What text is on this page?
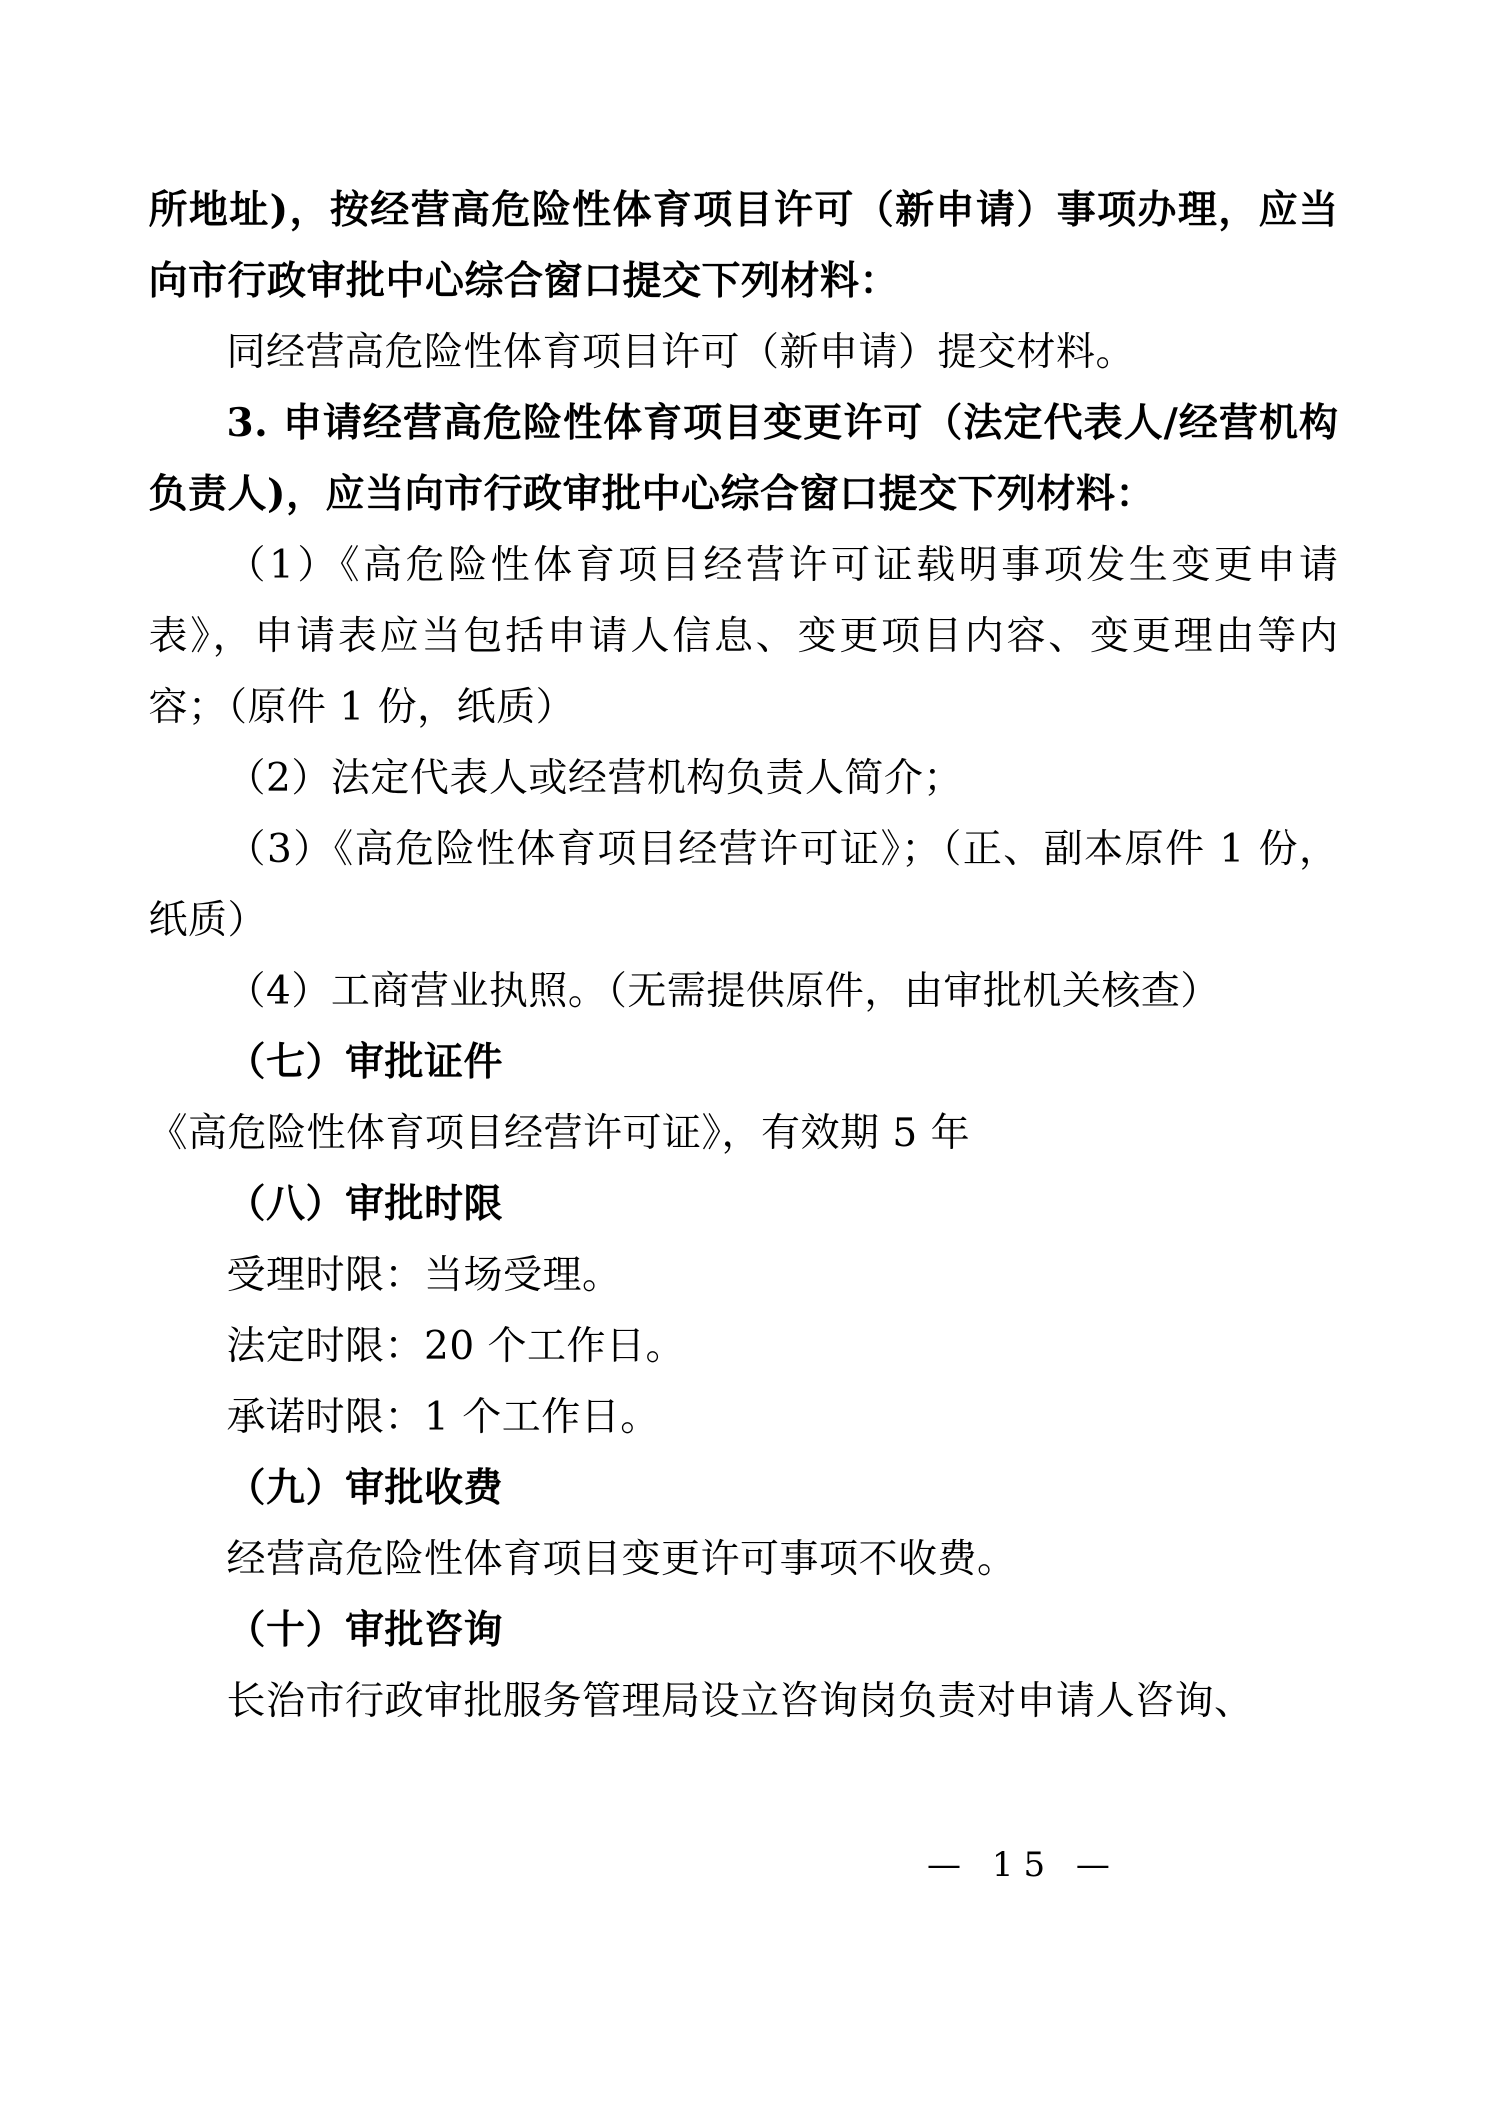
所地址)，按经营高危险性体育项目许可（新申请）事项办理，应当向市行政审批中心综合窗口提交下列材料：

同经营高危险性体育项目许可（新申请）提交材料。

3. 申请经营高危险性体育项目变更许可（法定代表人/经营机构负责人)，应当向市行政审批中心综合窗口提交下列材料：

（1）《高危险性体育项目经营许可证载明事项发生变更申请表》，申请表应当包括申请人信息、变更项目内容、变更理由等内容；（原件 1 份，纸质）

（2）法定代表人或经营机构负责人简介；

（3）《高危险性体育项目经营许可证》；（正、副本原件 1 份，纸质）

（4）工商营业执照。（无需提供原件，由审批机关核查）

（七）审批证件

《高危险性体育项目经营许可证》，有效期 5 年

（八）审批时限

受理时限：当场受理。

法定时限：20 个工作日。

承诺时限：1 个工作日。

（九）审批收费

经营高危险性体育项目变更许可事项不收费。

（十）审批咨询

长治市行政审批服务管理局设立咨询岗负责对申请人咨询、

— 15 —
